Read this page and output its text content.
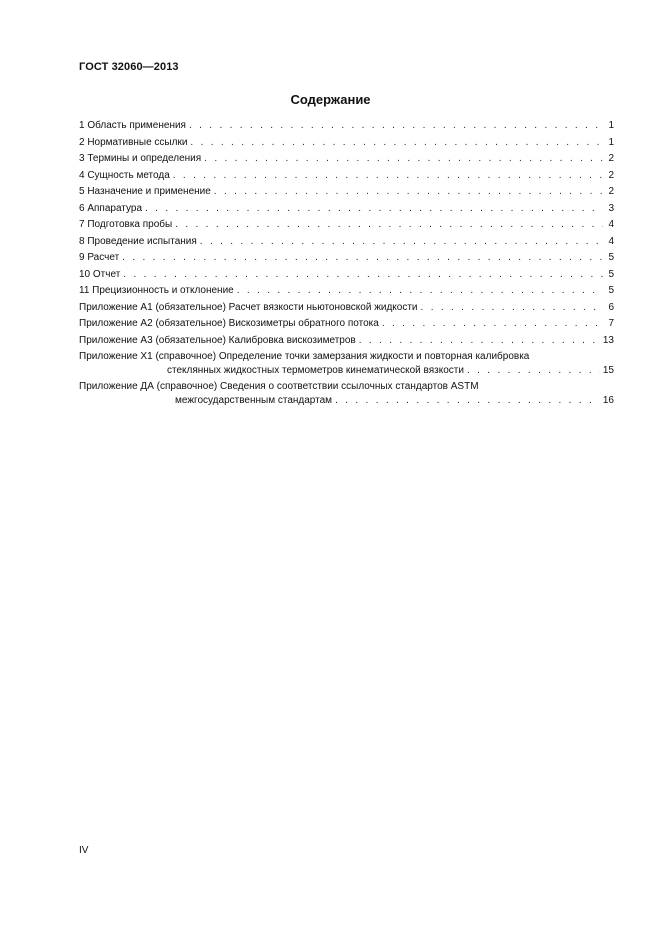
ГОСТ 32060—2013
Содержание
1 Область применения . . .	1
2 Нормативные ссылки . . .	1
3 Термины и определения . . .	2
4 Сущность метода . . .	2
5 Назначение и применение . . .	2
6 Аппаратура . . .	3
7 Подготовка пробы . . .	4
8 Проведение испытания . . .	4
9 Расчет . . .	5
10 Отчет . . .	5
11 Прецизионность и отклонение . . .	5
Приложение А1 (обязательное) Расчет вязкости ньютоновской жидкости . . .	6
Приложение А2 (обязательное) Вискозиметры обратного потока . . .	7
Приложение А3 (обязательное) Калибровка вискозиметров . . .	13
Приложение Х1 (справочное) Определение точки замерзания жидкости и повторная калибровка
стеклянных жидкостных термометров кинематической вязкости . . .	15
Приложение ДА (справочное) Сведения о соответствии ссылочных стандартов ASTM
межгосударственным стандартам . . .	16
IV
